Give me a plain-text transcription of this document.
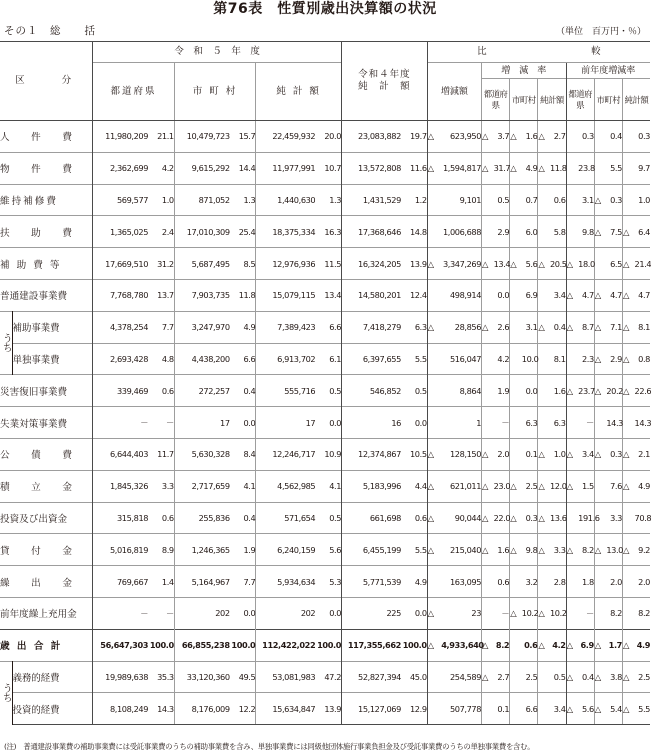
第76表　性質別歳出決算額の状況
その１　総　　括	（単位　百万円・％）
区　　分		令　和　５　年　度						令和４年度
純　計　額		比　　　　　　　　　　　較													
		都道府県		市 町 村		純 計 額				増減額		増　減　率						前年度増減率					
												都道府県		市町村		純計額		都道府県		市町村		純計額	
人　件　費		11,980,209	21.1	10,479,723	15.7	22,459,932	20.0	23,083,882	19.7	△	623,950	△	3.7	△	1.6	△	2.7		0.3		0.4		0.3
物　件　費		2,362,699	4.2	9,615,292	14.4	11,977,991	10.7	13,572,808	11.6	△	1,594,817	△	31.7	△	4.9	△	11.8		23.8		5.5		9.7
維持補修費		569,577	1.0	871,052	1.3	1,440,630	1.3	1,431,529	1.2		9,101		0.5		0.7		0.6		3.1	△	0.3		1.0
扶　助　費		1,365,025	2.4	17,010,309	25.4	18,375,334	16.3	17,368,646	14.8		1,006,688		2.9		6.0		5.8		9.8	△	7.5	△	6.4
補 助 費 等		17,669,510	31.2	5,687,495	8.5	12,976,936	11.5	16,324,205	13.9	△	3,347,269	△	13.4	△	5.6	△	20.5	△	18.0		6.5	△	21.4
普通建設事業費		7,768,780	13.7	7,903,735	11.8	15,079,115	13.4	14,580,201	12.4		498,914		0.0		6.9		3.4	△	4.7	△	4.7	△	4.7
うち	補助事業費	4,378,254	7.7	3,247,970	4.9	7,389,423	6.6	7,418,279	6.3	△	28,856	△	2.6		3.1	△	0.4	△	8.7	△	7.1	△	8.1
	単独事業費	2,693,428	4.8	4,438,200	6.6	6,913,702	6.1	6,397,655	5.5		516,047		4.2		10.0		8.1		2.3	△	2.9	△	0.8
災害復旧事業費		339,469	0.6	272,257	0.4	555,716	0.5	546,852	0.5		8,864		1.9		0.0		1.6	△	23.7	△	20.2	△	22.6
失業対策事業費		－	－	17	0.0	17	0.0	16	0.0		1		－		6.3		6.3		－		14.3		14.3
公　債　費		6,644,403	11.7	5,630,328	8.4	12,246,717	10.9	12,374,867	10.5	△	128,150	△	2.0		0.1	△	1.0	△	3.4	△	0.3	△	2.1
積　立　金		1,845,326	3.3	2,717,659	4.1	4,562,985	4.1	5,183,996	4.4	△	621,011	△	23.0	△	2.5	△	12.0	△	1.5		7.6	△	4.9
投資及び出資金		315,818	0.6	255,836	0.4	571,654	0.5	661,698	0.6	△	90,044	△	22.0	△	0.3	△	13.6		191.6		3.3		70.8
貸　付　金		5,016,819	8.9	1,246,365	1.9	6,240,159	5.6	6,455,199	5.5	△	215,040	△	1.6	△	9.8	△	3.3	△	8.2	△	13.0	△	9.2
繰　出　金		769,667	1.4	5,164,967	7.7	5,934,634	5.3	5,771,539	4.9		163,095		0.6		3.2		2.8		1.8		2.0		2.0
前年度繰上充用金		－	－	202	0.0	202	0.0	225	0.0	△	23		－	△	10.2	△	10.2		－		8.2		8.2
歳 出 合 計		56,647,303	100.0	66,855,238	100.0	112,422,022	100.0	117,355,662	100.0	△	4,933,640	△	8.2		0.6	△	4.2	△	6.9	△	1.7	△	4.9
うち	義務的経費	19,989,638	35.3	33,120,360	49.5	53,081,983	47.2	52,827,394	45.0		254,589	△	2.7		2.5		0.5	△	0.4	△	3.8	△	2.5
	投資的経費	8,108,249	14.3	8,176,009	12.2	15,634,847	13.9	15,127,069	12.9		507,778		0.1		6.6		3.4	△	5.6	△	5.4	△	5.5
(注)　普通建設事業費の補助事業費には受託事業費のうちの補助事業費を含み、単独事業費には同級他団体施行事業負担金及び受託事業費のうちの単独事業費を含む。
